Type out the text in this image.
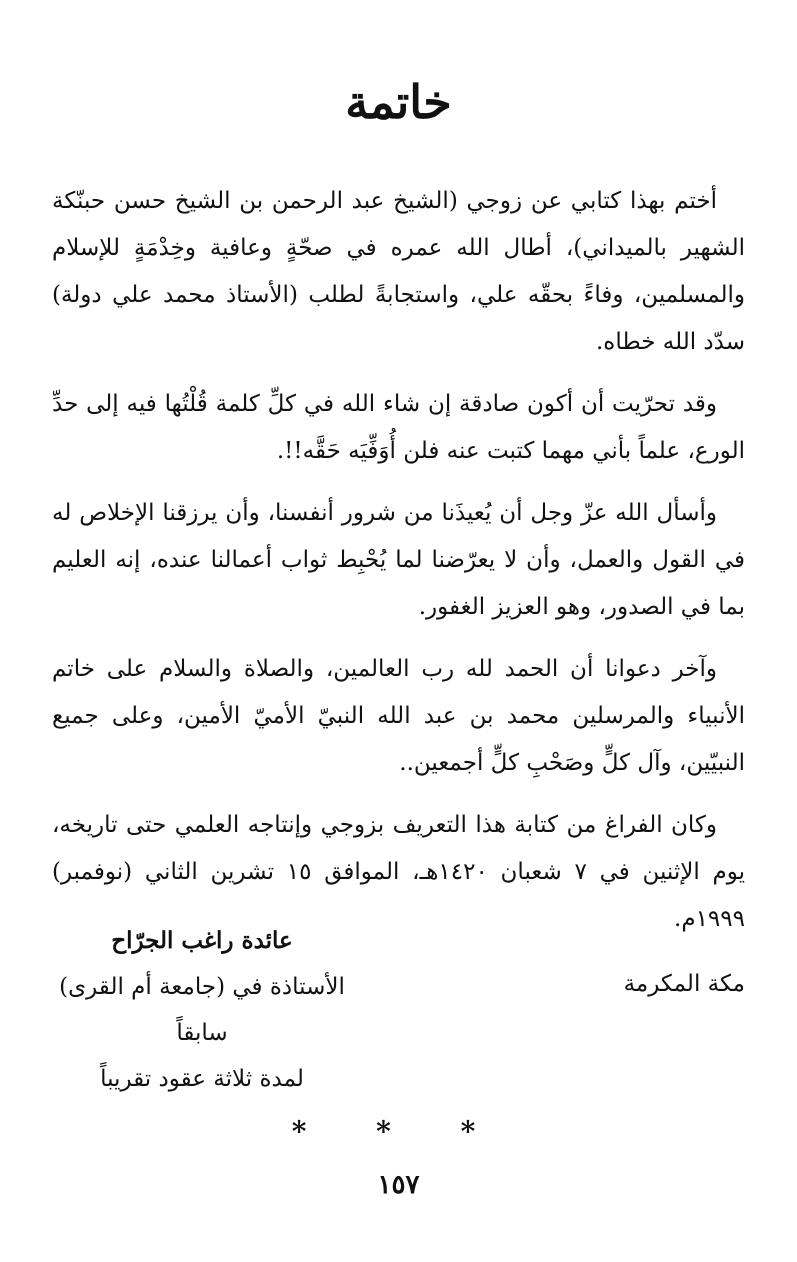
خاتمة

أختم بهذا كتابي عن زوجي (الشيخ عبد الرحمن بن الشيخ حسن حبنّكة الشهير بالميداني)، أطال الله عمره في صحّةٍ وعافية وخِدْمَةٍ للإسلام والمسلمين، وفاءً بحقّه علي، واستجابةً لطلب (الأستاذ محمد علي دولة) سدّد الله خطاه.

وقد تحرّيت أن أكون صادقة إن شاء الله في كلِّ كلمة قُلْتُها فيه إلى حدِّ الورع، علماً بأني مهما كتبت عنه فلن أُوَفِّيَه حَقَّه!!.

وأسأل الله عزّ وجل أن يُعيذَنا من شرور أنفسنا، وأن يرزقنا الإخلاص له في القول والعمل، وأن لا يعرّضنا لما يُحْبِط ثواب أعمالنا عنده، إنه العليم بما في الصدور، وهو العزيز الغفور.

وآخر دعوانا أن الحمد لله رب العالمين، والصلاة والسلام على خاتم الأنبياء والمرسلين محمد بن عبد الله النبيّ الأميّ الأمين، وعلى جميع النبيّين، وآل كلٍّ وصَحْبِ كلٍّ أجمعين..

وكان الفراغ من كتابة هذا التعريف بزوجي وإنتاجه العلمي حتى تاريخه، يوم الإثنين في ٧ شعبان ١٤٢٠هـ، الموافق ١٥ تشرين الثاني (نوفمبر) ١٩٩٩م.

مكة المكرمة
عائدة راغب الجرّاح
الأستاذة في (جامعة أم القرى)
سابقاً
لمدة ثلاثة عقود تقريباً
* * *
١٥٧
